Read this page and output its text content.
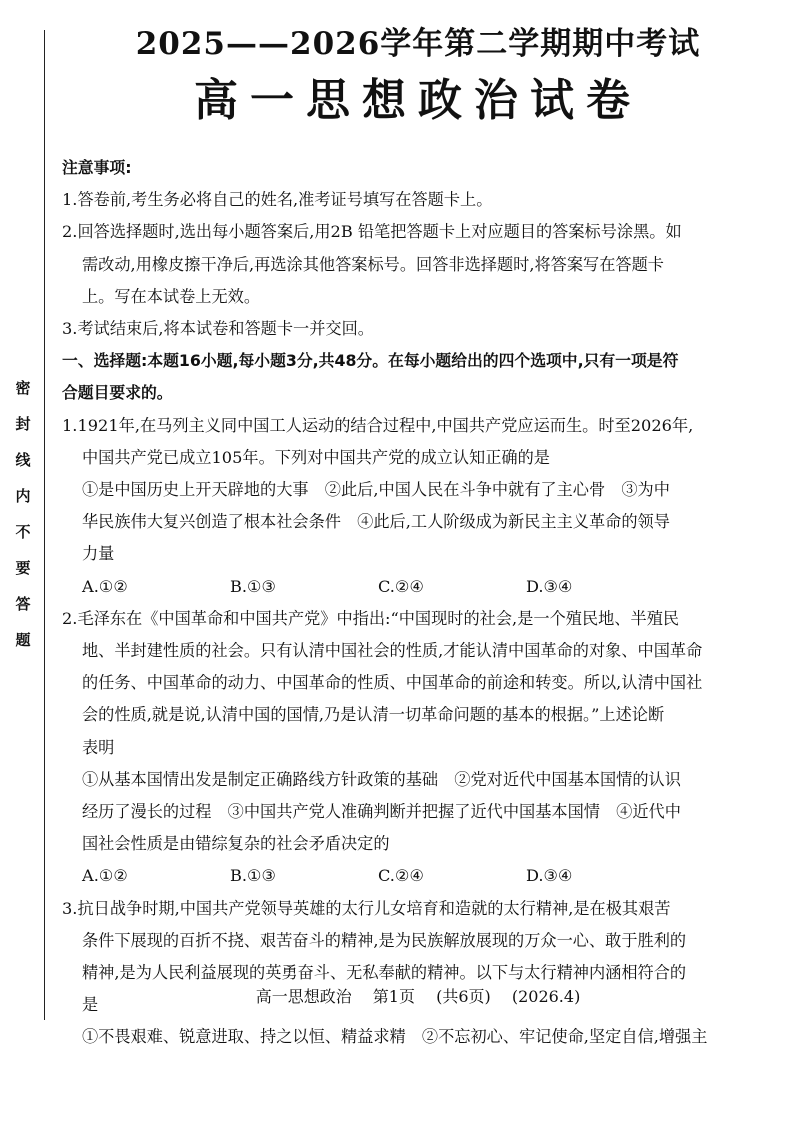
密
封
线
内
不
要
答
题
2025——2026学年第二学期期中考试
高一思想政治试卷
注意事项:
1.答卷前,考生务必将自己的姓名,准考证号填写在答题卡上。
2.回答选择题时,选出每小题答案后,用2B 铅笔把答题卡上对应题目的答案标号涂黑。如
需改动,用橡皮擦干净后,再选涂其他答案标号。回答非选择题时,将答案写在答题卡
上。写在本试卷上无效。
3.考试结束后,将本试卷和答题卡一并交回。
一、选择题:本题16小题,每小题3分,共48分。在每小题给出的四个选项中,只有一项是符
合题目要求的。
1.1921年,在马列主义同中国工人运动的结合过程中,中国共产党应运而生。时至2026年,
中国共产党已成立105年。下列对中国共产党的成立认知正确的是
①是中国历史上开天辟地的大事　②此后,中国人民在斗争中就有了主心骨　③为中
华民族伟大复兴创造了根本社会条件　④此后,工人阶级成为新民主主义革命的领导
力量
A.①②	B.①③	C.②④	D.③④
2.毛泽东在《中国革命和中国共产党》中指出:“中国现时的社会,是一个殖民地、半殖民
地、半封建性质的社会。只有认清中国社会的性质,才能认清中国革命的对象、中国革命
的任务、中国革命的动力、中国革命的性质、中国革命的前途和转变。所以,认清中国社
会的性质,就是说,认清中国的国情,乃是认清一切革命问题的基本的根据。”上述论断
表明
①从基本国情出发是制定正确路线方针政策的基础　②党对近代中国基本国情的认识
经历了漫长的过程　③中国共产党人准确判断并把握了近代中国基本国情　④近代中
国社会性质是由错综复杂的社会矛盾决定的
A.①②	B.①③	C.②④	D.③④
3.抗日战争时期,中国共产党领导英雄的太行儿女培育和造就的太行精神,是在极其艰苦
条件下展现的百折不挠、艰苦奋斗的精神,是为民族解放展现的万众一心、敢于胜利的
精神,是为人民利益展现的英勇奋斗、无私奉献的精神。以下与太行精神内涵相符合的
是
①不畏艰难、锐意进取、持之以恒、精益求精　②不忘初心、牢记使命,坚定自信,增强主
高一思想政治 第1页 (共6页) (2026.4)
